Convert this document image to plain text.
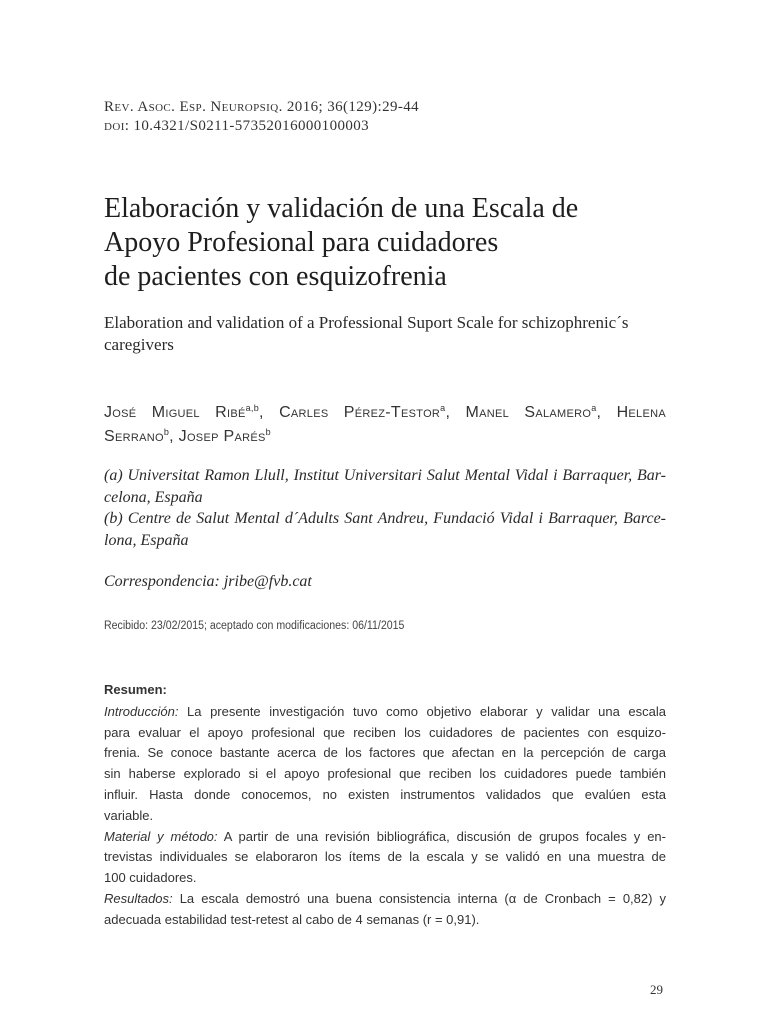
Rev. Asoc. Esp. Neuropsiq. 2016; 36(129):29-44
doi: 10.4321/S0211-57352016000100003
Elaboración y validación de una Escala de
Apoyo Profesional para cuidadores
de pacientes con esquizofrenia
Elaboration and validation of a Professional Suport Scale for schizophrenic´s
caregivers
José Miguel Ribé$^{a,b}$, Carles Pérez-Testor$^a$, Manel Salamero$^a$, Helena
Serrano$^b$, Josep Parés$^b$
(a) Universitat Ramon Llull, Institut Universitari Salut Mental Vidal i Barraquer, Bar-
celona, España
(b) Centre de Salut Mental d´Adults Sant Andreu, Fundació Vidal i Barraquer, Barce-
lona, España
Correspondencia: jribe@fvb.cat
Recibido: 23/02/2015; aceptado con modificaciones: 06/11/2015
Resumen:
Introducción: La presente investigación tuvo como objetivo elaborar y validar una escala
para evaluar el apoyo profesional que reciben los cuidadores de pacientes con esquizo-
frenia. Se conoce bastante acerca de los factores que afectan en la percepción de carga
sin haberse explorado si el apoyo profesional que reciben los cuidadores puede también
influir. Hasta donde conocemos, no existen instrumentos validados que evalúen esta
variable.
Material y método: A partir de una revisión bibliográfica, discusión de grupos focales y en-
trevistas individuales se elaboraron los ítems de la escala y se validó en una muestra de
100 cuidadores.
Resultados: La escala demostró una buena consistencia interna (α de Cronbach = 0,82) y
adecuada estabilidad test-retest al cabo de 4 semanas (r = 0,91).
29
